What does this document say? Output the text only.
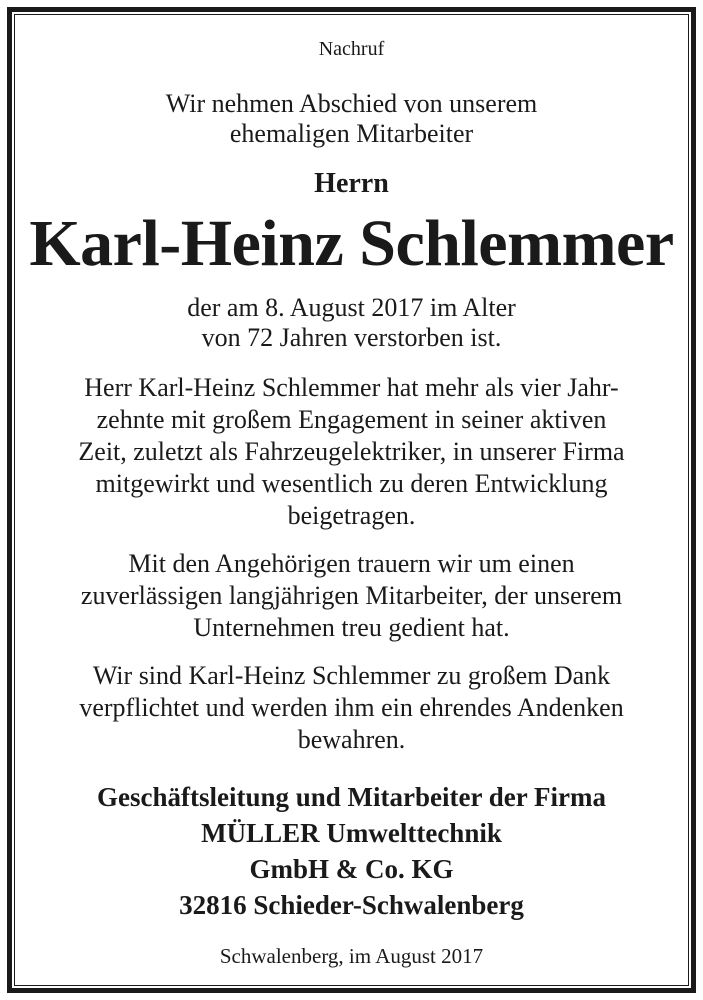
Nachruf
Wir nehmen Abschied von unserem
ehemaligen Mitarbeiter
Herrn
Karl-Heinz Schlemmer
der am 8. August 2017 im Alter
von 72 Jahren verstorben ist.
Herr Karl-Heinz Schlemmer hat mehr als vier Jahr-
zehnte mit großem Engagement in seiner aktiven
Zeit, zuletzt als Fahrzeugelektriker, in unserer Firma
mitgewirkt und wesentlich zu deren Entwicklung
beigetragen.
Mit den Angehörigen trauern wir um einen
zuverlässigen langjährigen Mitarbeiter, der unserem
Unternehmen treu gedient hat.
Wir sind Karl-Heinz Schlemmer zu großem Dank
verpflichtet und werden ihm ein ehrendes Andenken
bewahren.
Geschäftsleitung und Mitarbeiter der Firma
MÜLLER Umwelttechnik
GmbH & Co. KG
32816 Schieder-Schwalenberg
Schwalenberg, im August 2017
